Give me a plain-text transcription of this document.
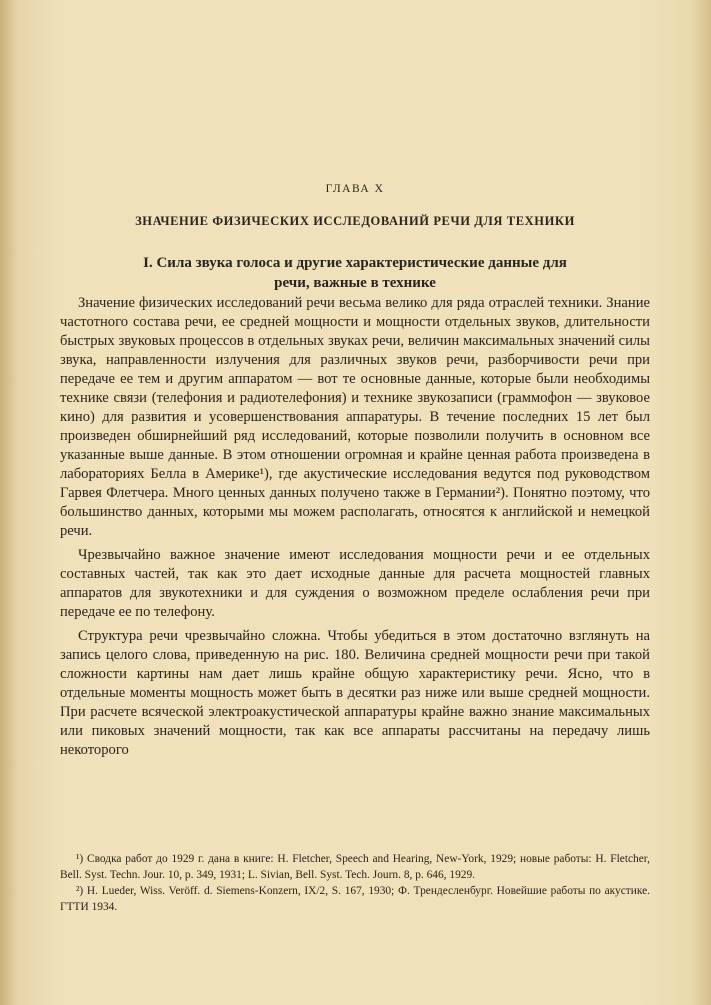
ГЛАВА X
ЗНАЧЕНИЕ ФИЗИЧЕСКИХ ИССЛЕДОВАНИЙ РЕЧИ ДЛЯ ТЕХНИКИ
I. Сила звука голоса и другие характеристические данные для
речи, важные в технике

Значение физических исследований речи весьма велико для ряда отраслей техники. Знание частотного состава речи, ее средней мощности и мощности отдельных звуков, длительности быстрых звуковых процессов в отдельных звуках речи, величин максимальных значений силы звука, направленности излучения для различных звуков речи, разборчивости речи при передаче ее тем и другим аппаратом — вот те основные данные, которые были необходимы технике связи (телефония и радиотелефония) и технике звукозаписи (граммофон — звуковое кино) для развития и усовершенствования аппаратуры. В течение последних 15 лет был произведен обширнейший ряд исследований, которые позволили получить в основном все указанные выше данные. В этом отношении огромная и крайне ценная работа произведена в лабораториях Белла в Америке¹), где акустические исследования ведутся под руководством Гарвея Флетчера. Много ценных данных получено также в Германии²). Понятно поэтому, что большинство данных, которыми мы можем располагать, относятся к английской и немецкой речи.

Чрезвычайно важное значение имеют исследования мощности речи и ее отдельных составных частей, так как это дает исходные данные для расчета мощностей главных аппаратов для звукотехники и для суждения о возможном пределе ослабления речи при передаче ее по телефону.

Структура речи чрезвычайно сложна. Чтобы убедиться в этом достаточно взглянуть на запись целого слова, приведенную на рис. 180. Величина средней мощности речи при такой сложности картины нам дает лишь крайне общую характеристику речи. Ясно, что в отдельные моменты мощность может быть в десятки раз ниже или выше средней мощности. При расчете всяческой электроакустической аппаратуры крайне важно знание максимальных или пиковых значений мощности, так как все аппараты рассчитаны на передачу лишь некоторого

¹) Сводка работ до 1929 г. дана в книге: H. Fletcher, Speech and Hearing, New-York, 1929; новые работы: H. Fletcher, Bell. Syst. Techn. Jour. 10, p. 349, 1931; L. Sivian, Bell. Syst. Tech. Journ. 8, p. 646, 1929.

²) H. Lueder, Wiss. Veröff. d. Siemens-Konzern, IX/2, S. 167, 1930; Ф. Трендесленбург. Новейшие работы по акустике. ГТТИ 1934.
